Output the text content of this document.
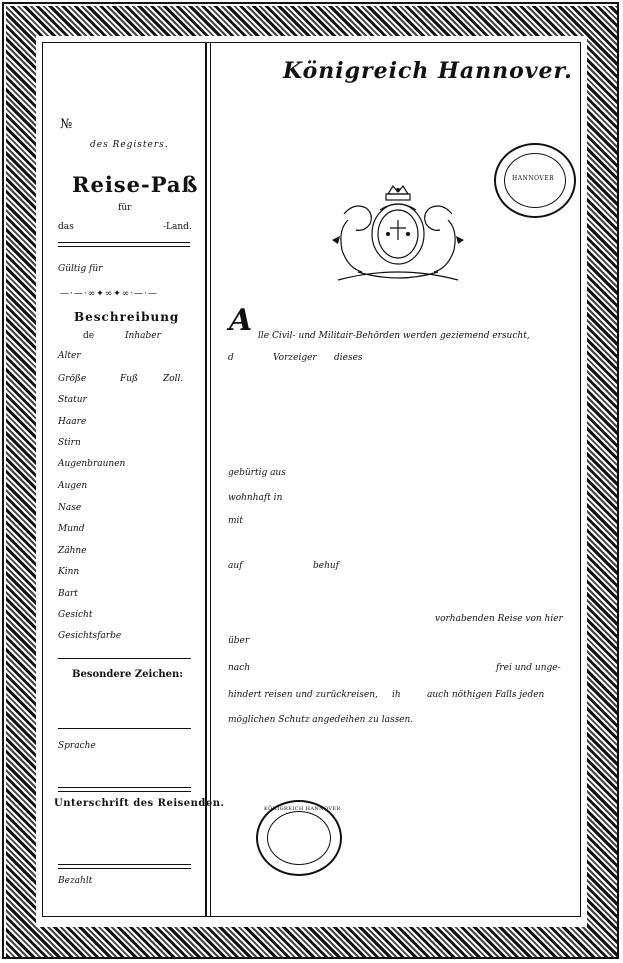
Königreich Hannover.
№
des Registers.
Reise-Paß
für
das	-Land.
Gültig für
—·—·∞✦∞✦∞·—·—
Beschreibung
de	Inhaber
Alter
Größe	Fuß	Zoll.
Statur
Haare
Stirn
Augenbraunen
Augen
Nase
Mund
Zähne
Kinn
Bart
Gesicht
Gesichtsfarbe
Besondere Zeichen:
Sprache
Unterschrift des Reisenden.
Bezahlt
HANNOVER
A lle Civil- und Militair-Behörden werden geziemend ersucht,
d	Vorzeiger dieses
gebürtig aus
wohnhaft in
mit
auf	behuf
vorhabenden Reise von hier
über
nach	frei und unge-
hindert reisen und zurückreisen, ih	auch nöthigen Falls jeden
möglichen Schutz angedeihen zu lassen.
KÖNIGREICH HANNOVER
